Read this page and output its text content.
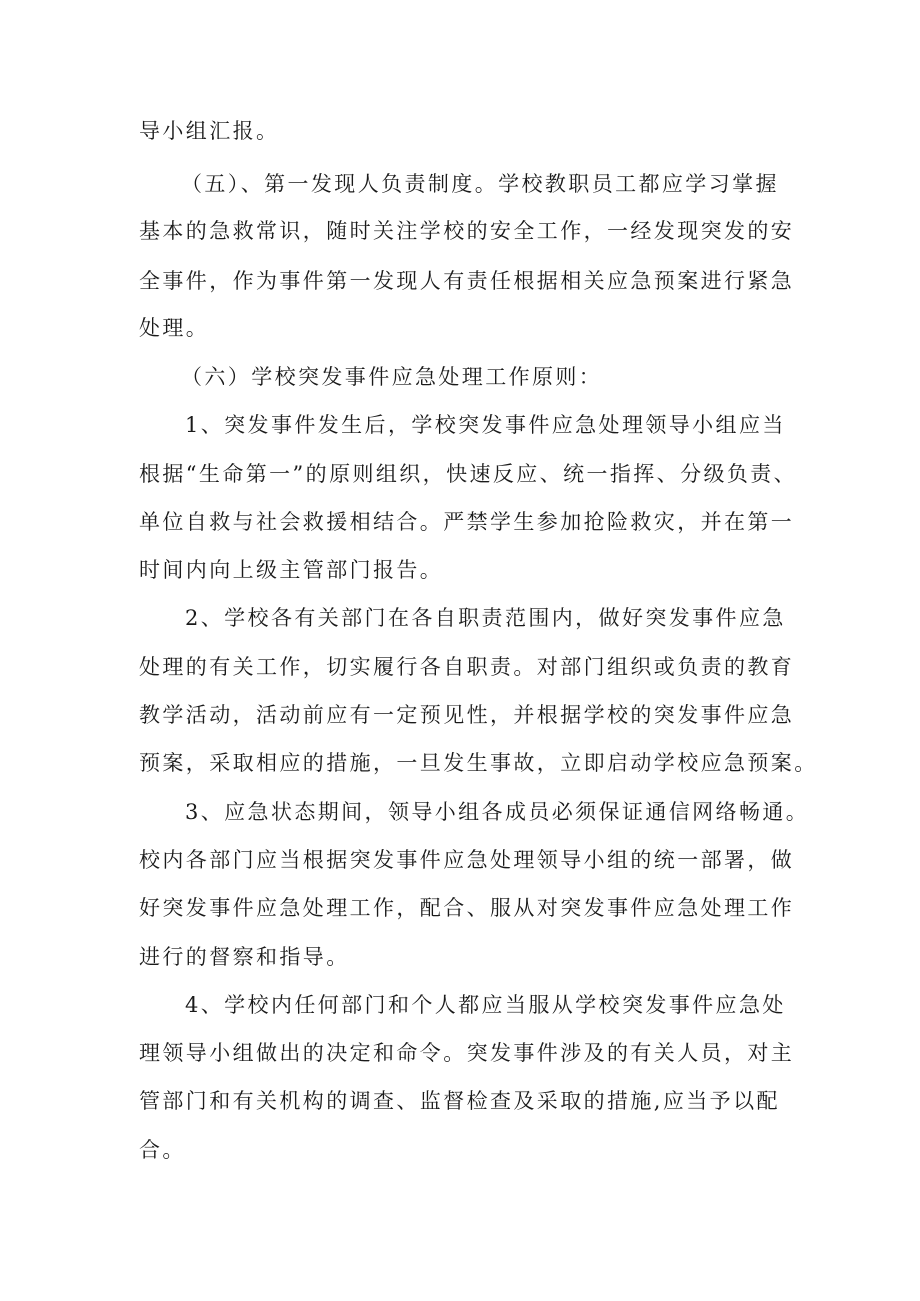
导小组汇报。
（五）、第一发现人负责制度。学校教职员工都应学习掌握
基本的急救常识，随时关注学校的安全工作，一经发现突发的安
全事件，作为事件第一发现人有责任根据相关应急预案进行紧急
处理。
（六）学校突发事件应急处理工作原则：
1、突发事件发生后，学校突发事件应急处理领导小组应当
根据“生命第一”的原则组织，快速反应、统一指挥、分级负责、
单位自救与社会救援相结合。严禁学生参加抢险救灾，并在第一
时间内向上级主管部门报告。
2、学校各有关部门在各自职责范围内，做好突发事件应急
处理的有关工作，切实履行各自职责。对部门组织或负责的教育
教学活动，活动前应有一定预见性，并根据学校的突发事件应急
预案，采取相应的措施，一旦发生事故，立即启动学校应急预案。
3、应急状态期间，领导小组各成员必须保证通信网络畅通。
校内各部门应当根据突发事件应急处理领导小组的统一部署，做
好突发事件应急处理工作，配合、服从对突发事件应急处理工作
进行的督察和指导。
4、学校内任何部门和个人都应当服从学校突发事件应急处
理领导小组做出的决定和命令。突发事件涉及的有关人员，对主
管部门和有关机构的调查、监督检查及采取的措施,应当予以配
合。
